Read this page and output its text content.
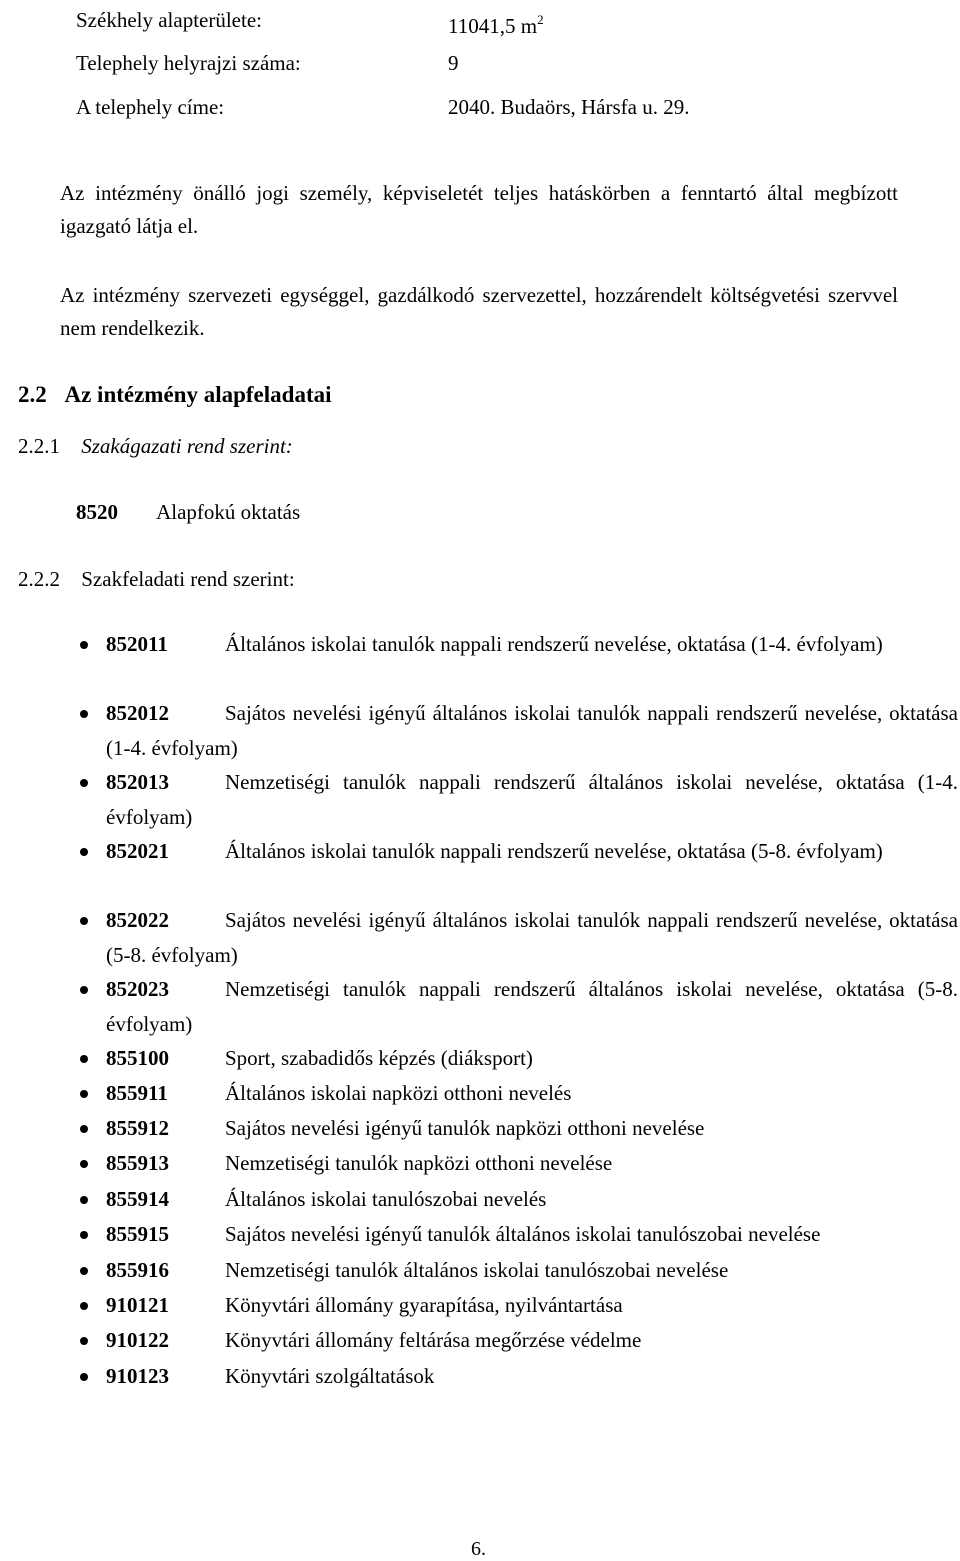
Székhely alapterülete:	11041,5 $m^2$
Telephely helyrajzi száma:	9
A telephely címe:	2040. Budaörs, Hársfa u. 29.
Az intézmény önálló jogi személy, képviseletét teljes hatáskörben a fenntartó által megbízott igazgató látja el.
Az intézmény szervezeti egységgel, gazdálkodó szervezettel, hozzárendelt költségvetési szervvel nem rendelkezik.
2.2 Az intézmény alapfeladatai
2.2.1 Szakágazati rend szerint:
8520 Alapfokú oktatás
2.2.2 Szakfeladati rend szerint:
852011	Általános iskolai tanulók nappali rendszerű nevelése, oktatása (1-4. évfolyam)
852012	Sajátos nevelési igényű általános iskolai tanulók nappali rendszerű nevelése, oktatása (1-4. évfolyam)
852013	Nemzetiségi tanulók nappali rendszerű általános iskolai nevelése, oktatása (1-4. évfolyam)
852021	Általános iskolai tanulók nappali rendszerű nevelése, oktatása (5-8. évfolyam)
852022	Sajátos nevelési igényű általános iskolai tanulók nappali rendszerű nevelése, oktatása (5-8. évfolyam)
852023	Nemzetiségi tanulók nappali rendszerű általános iskolai nevelése, oktatása (5-8. évfolyam)
855100	Sport, szabadidős képzés (diáksport)
855911	Általános iskolai napközi otthoni nevelés
855912	Sajátos nevelési igényű tanulók napközi otthoni nevelése
855913	Nemzetiségi tanulók napközi otthoni nevelése
855914	Általános iskolai tanulószobai nevelés
855915	Sajátos nevelési igényű tanulók általános iskolai tanulószobai nevelése
855916	Nemzetiségi tanulók általános iskolai tanulószobai nevelése
910121	Könyvtári állomány gyarapítása, nyilvántartása
910122	Könyvtári állomány feltárása megőrzése védelme
910123	Könyvtári szolgáltatások
6.
